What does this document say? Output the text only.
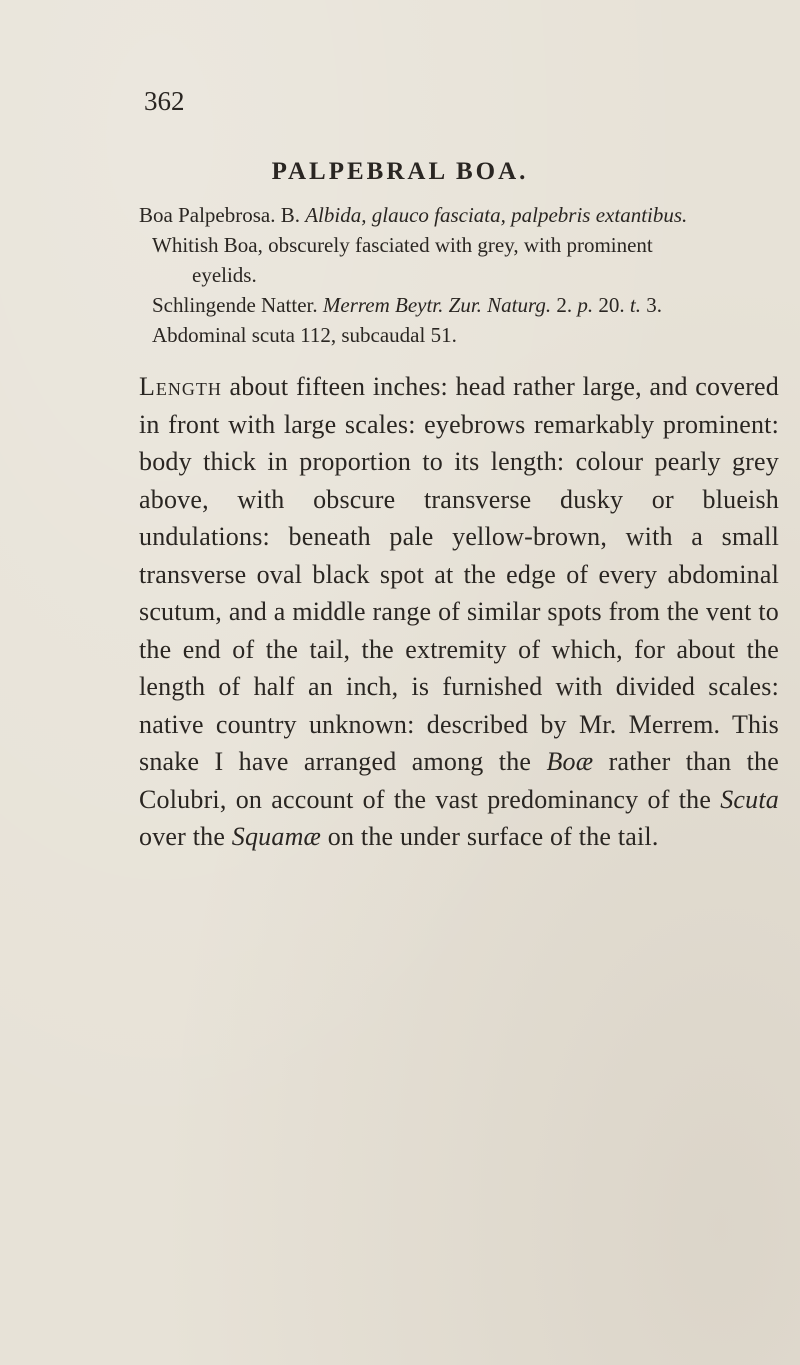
362
PALPEBRAL BOA.
Boa Palpebrosa. B. Albida, glauco fasciata, palpebris extantibus.
Whitish Boa, obscurely fasciated with grey, with prominent
eyelids.
Schlingende Natter. Merrem Beytr. Zur. Naturg. 2. p. 20. t. 3.
Abdominal scuta 112, subcaudal 51.
Length about fifteen inches: head rather large, and covered in front with large scales: eyebrows remarkably prominent: body thick in proportion to its length: colour pearly grey above, with obscure transverse dusky or blueish undulations: beneath pale yellow-brown, with a small transverse oval black spot at the edge of every abdominal scutum, and a middle range of similar spots from the vent to the end of the tail, the extremity of which, for about the length of half an inch, is furnished with divided scales: native country unknown: described by Mr. Merrem. This snake I have arranged among the Boæ rather than the Colubri, on account of the vast predominancy of the Scuta over the Squamæ on the under surface of the tail.
